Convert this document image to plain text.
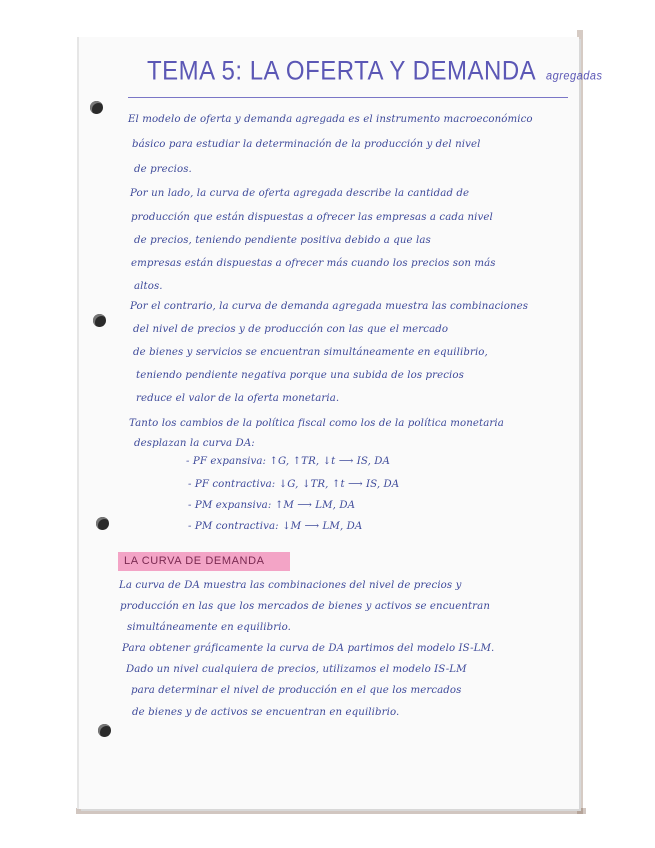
TEMA 5: LA OFERTA Y DEMANDA agregadas
El modelo de oferta y demanda agregada es el instrumento macroeconómico
básico para estudiar la determinación de la producción y del nivel
de precios.
Por un lado, la curva de oferta agregada describe la cantidad de
producción que están dispuestas a ofrecer las empresas a cada nivel
de precios, teniendo pendiente positiva debido a que las
empresas están dispuestas a ofrecer más cuando los precios son más
altos.
Por el contrario, la curva de demanda agregada muestra las combinaciones
del nivel de precios y de producción con las que el mercado
de bienes y servicios se encuentran simultáneamente en equilibrio,
teniendo pendiente negativa porque una subida de los precios
reduce el valor de la oferta monetaria.
Tanto los cambios de la política fiscal como los de la política monetaria
desplazan la curva DA:
- PF expansiva: ↑G, ↑TR, ↓t ⟶ IS, DA
- PF contractiva: ↓G, ↓TR, ↑t ⟶ IS, DA
- PM expansiva: ↑M ⟶ LM, DA
- PM contractiva: ↓M ⟶ LM, DA
LA CURVA DE DEMANDA
La curva de DA muestra las combinaciones del nivel de precios y
producción en las que los mercados de bienes y activos se encuentran
simultáneamente en equilibrio.
Para obtener gráficamente la curva de DA partimos del modelo IS-LM.
Dado un nivel cualquiera de precios, utilizamos el modelo IS-LM
para determinar el nivel de producción en el que los mercados
de bienes y de activos se encuentran en equilibrio.
